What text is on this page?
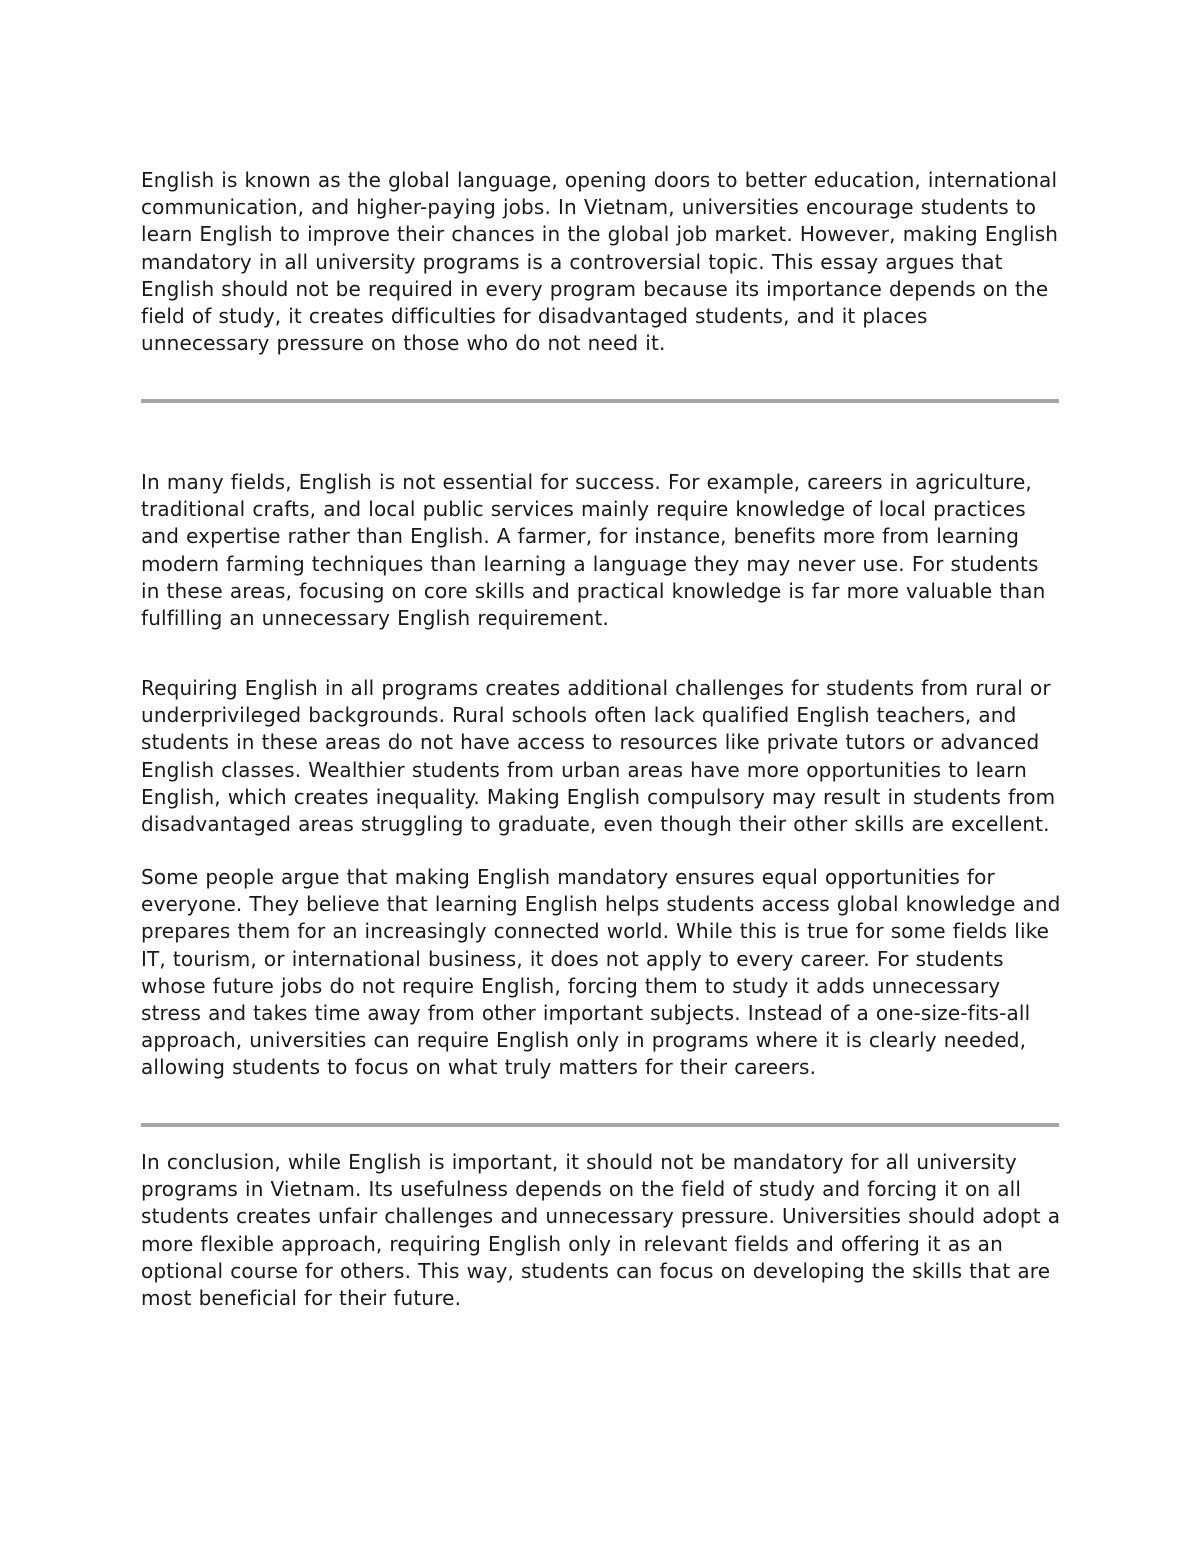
English is known as the global language, opening doors to better education, international communication, and higher-paying jobs. In Vietnam, universities encourage students to learn English to improve their chances in the global job market. However, making English mandatory in all university programs is a controversial topic. This essay argues that English should not be required in every program because its importance depends on the field of study, it creates difficulties for disadvantaged students, and it places unnecessary pressure on those who do not need it.

In many fields, English is not essential for success. For example, careers in agriculture, traditional crafts, and local public services mainly require knowledge of local practices and expertise rather than English. A farmer, for instance, benefits more from learning modern farming techniques than learning a language they may never use. For students in these areas, focusing on core skills and practical knowledge is far more valuable than fulfilling an unnecessary English requirement.

Requiring English in all programs creates additional challenges for students from rural or underprivileged backgrounds. Rural schools often lack qualified English teachers, and students in these areas do not have access to resources like private tutors or advanced English classes. Wealthier students from urban areas have more opportunities to learn English, which creates inequality. Making English compulsory may result in students from disadvantaged areas struggling to graduate, even though their other skills are excellent.

Some people argue that making English mandatory ensures equal opportunities for everyone. They believe that learning English helps students access global knowledge and prepares them for an increasingly connected world. While this is true for some fields like IT, tourism, or international business, it does not apply to every career. For students whose future jobs do not require English, forcing them to study it adds unnecessary stress and takes time away from other important subjects. Instead of a one-size-fits-all approach, universities can require English only in programs where it is clearly needed, allowing students to focus on what truly matters for their careers.

In conclusion, while English is important, it should not be mandatory for all university programs in Vietnam. Its usefulness depends on the field of study and forcing it on all students creates unfair challenges and unnecessary pressure. Universities should adopt a more flexible approach, requiring English only in relevant fields and offering it as an optional course for others. This way, students can focus on developing the skills that are most beneficial for their future.
